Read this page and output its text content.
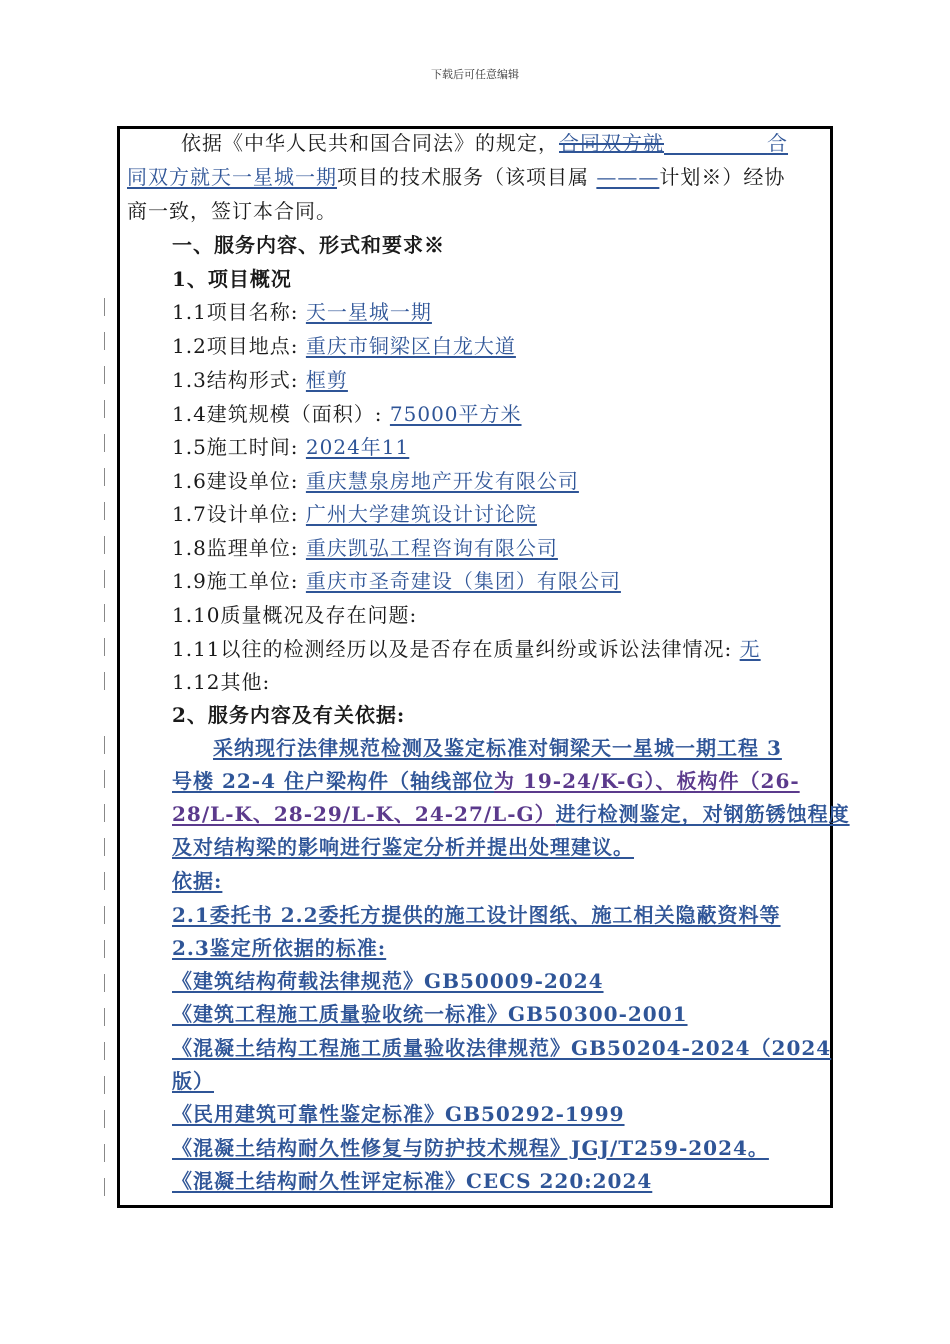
下载后可任意编辑
依据《中华人民共和国合同法》的规定，合同双方就	合
同双方就天一星城一期项目的技术服务（该项目属 ———计划※）经协
商一致，签订本合同。
一、服务内容、形式和要求※
1、项目概况
1.1项目名称: 天一星城一期
1.2项目地点: 重庆市铜梁区白龙大道
1.3结构形式: 框剪
1.4建筑规模（面积）: 75000平方米
1.5施工时间: 2024年11
1.6建设单位: 重庆慧泉房地产开发有限公司
1.7设计单位: 广州大学建筑设计讨论院
1.8监理单位: 重庆凯弘工程咨询有限公司
1.9施工单位: 重庆市圣奇建设（集团）有限公司
1.10质量概况及存在问题:
1.11以往的检测经历以及是否存在质量纠纷或诉讼法律情况: 无
1.12其他:
2、服务内容及有关依据:
采纳现行法律规范检测及鉴定标准对铜梁天一星城一期工程 3
号楼 22-4 住户梁构件（轴线部位为 19-24/K-G）、板构件（26-
28/L-K、28-29/L-K、24-27/L-G）进行检测鉴定，对钢筋锈蚀程度
及对结构梁的影响进行鉴定分析并提出处理建议。
依据:
2.1委托书 2.2委托方提供的施工设计图纸、施工相关隐蔽资料等
2.3鉴定所依据的标准:
《建筑结构荷载法律规范》GB50009-2024
《建筑工程施工质量验收统一标准》GB50300-2001
《混凝土结构工程施工质量验收法律规范》GB50204-2024（2024
版）
《民用建筑可靠性鉴定标准》GB50292-1999
《混凝土结构耐久性修复与防护技术规程》JGJ/T259-2024。
《混凝土结构耐久性评定标准》CECS 220:2024
